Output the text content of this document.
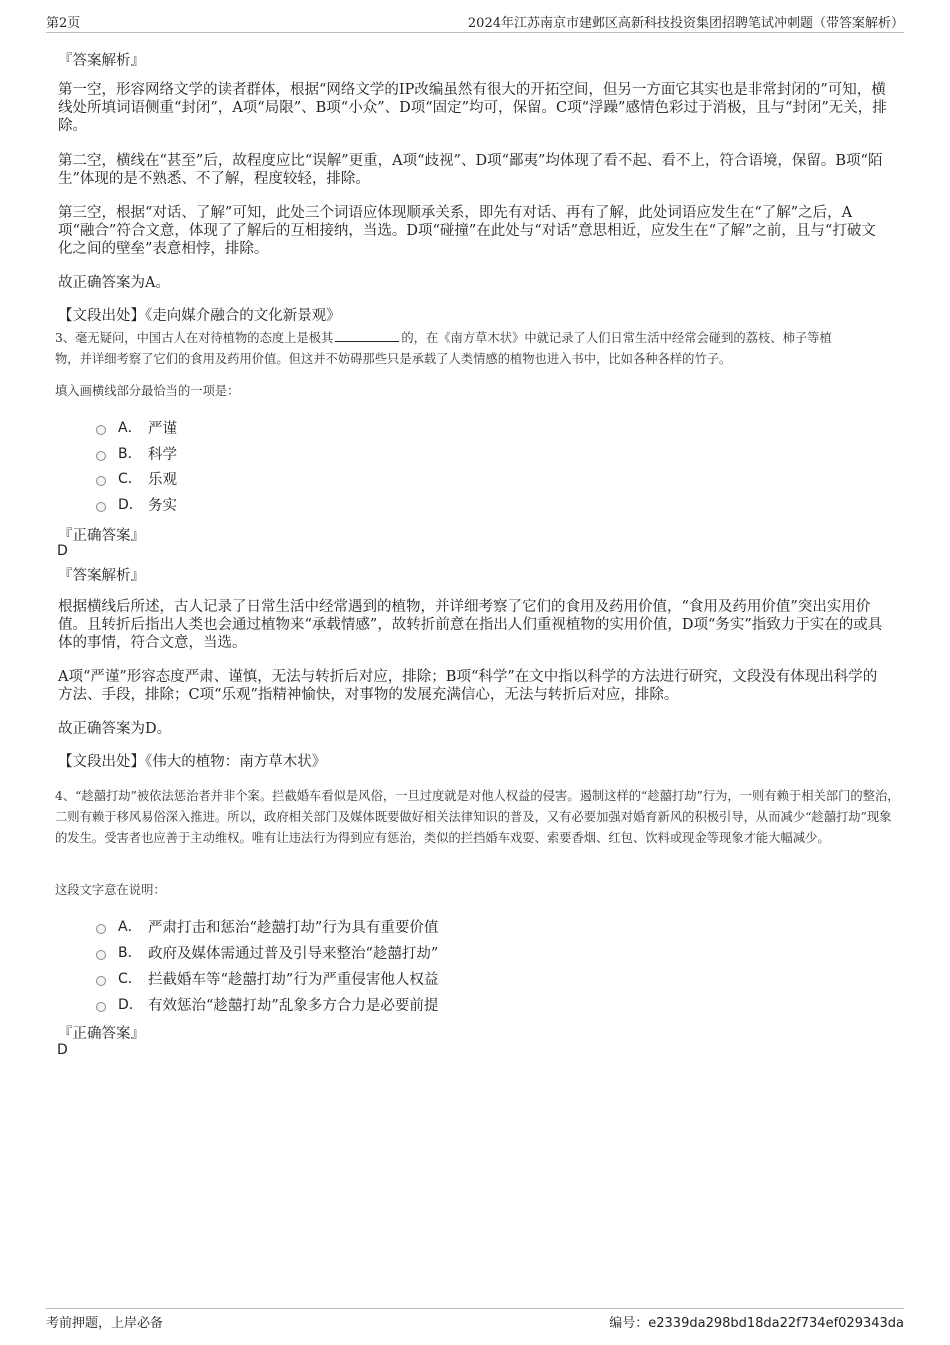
第2页	2024年江苏南京市建邺区高新科技投资集团招聘笔试冲刺题（带答案解析）
『答案解析』
第一空，形容网络文学的读者群体，根据“网络文学的IP改编虽然有很大的开拓空间，但另一方面它其实也是非常封闭的”可知，横线处所填词语侧重“封闭”，A项“局限”、B项“小众”、D项“固定”均可，保留。C项“浮躁”感情色彩过于消极，且与“封闭”无关，排除。
第二空，横线在“甚至”后，故程度应比“误解”更重，A项“歧视”、D项“鄙夷”均体现了看不起、看不上，符合语境，保留。B项“陌生”体现的是不熟悉、不了解，程度较轻，排除。
第三空，根据“对话、了解”可知，此处三个词语应体现顺承关系，即先有对话、再有了解，此处词语应发生在“了解”之后，A项“融合”符合文意，体现了了解后的互相接纳，当选。D项“碰撞”在此处与“对话”意思相近，应发生在“了解”之前，且与“打破文化之间的壁垒”表意相悖，排除。
故正确答案为A。
【文段出处】《走向媒介融合的文化新景观》
3、毫无疑问，中国古人在对待植物的态度上是极其	的，在《南方草木状》中就记录了人们日常生活中经常会碰到的荔枝、柿子等植
物，并详细考察了它们的食用及药用价值。但这并不妨碍那些只是承载了人类情感的植物也进入书中，比如各种各样的竹子。
填入画横线部分最恰当的一项是：
A． 严谨
B． 科学
C． 乐观
D． 务实
『正确答案』
D
『答案解析』
根据横线后所述，古人记录了日常生活中经常遇到的植物，并详细考察了它们的食用及药用价值，“食用及药用价值”突出实用价值。且转折后指出人类也会通过植物来“承载情感”，故转折前意在指出人们重视植物的实用价值，D项“务实”指致力于实在的或具体的事情，符合文意，当选。
A项“严谨”形容态度严肃、谨慎，无法与转折后对应，排除；B项“科学”在文中指以科学的方法进行研究，文段没有体现出科学的方法、手段，排除；C项“乐观”指精神愉快，对事物的发展充满信心，无法与转折后对应，排除。
故正确答案为D。
【文段出处】《伟大的植物：南方草木状》
4、“趁囍打劫”被依法惩治者并非个案。拦截婚车看似是风俗，一旦过度就是对他人权益的侵害。遏制这样的“趁囍打劫”行为，一则有赖于相关部门的整治，二则有赖于移风易俗深入推进。所以，政府相关部门及媒体既要做好相关法律知识的普及，又有必要加强对婚育新风的积极引导，从而减少“趁囍打劫”现象的发生。受害者也应善于主动维权。唯有让违法行为得到应有惩治，类似的拦挡婚车戏耍、索要香烟、红包、饮料或现金等现象才能大幅减少。
这段文字意在说明：
A． 严肃打击和惩治“趁囍打劫”行为具有重要价值
B． 政府及媒体需通过普及引导来整治“趁囍打劫”
C． 拦截婚车等“趁囍打劫”行为严重侵害他人权益
D． 有效惩治“趁囍打劫”乱象多方合力是必要前提
『正确答案』
D
考前押题，上岸必备	编号：e2339da298bd18da22f734ef029343da
